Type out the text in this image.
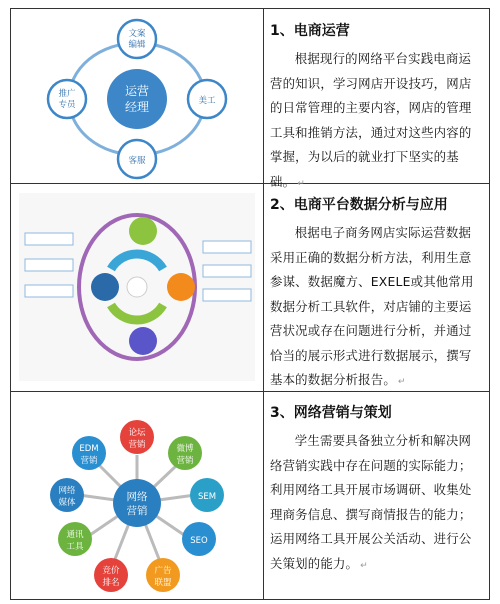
运营
经理
文案
编辑
美工
客服
推广
专员

1、电商运营

根据现行的网络平台实践电商运营的知识，学习网店开设技巧，网店的日常管理的主要内容，网店的管理工具和推销方法，通过对这些内容的掌握，为以后的就业打下坚实的基础。 ↵

2、电商平台数据分析与应用

根据电子商务网店实际运营数据采用正确的数据分析方法，利用生意参谋、数据魔方、EXELE或其他常用数据分析工具软件，对店铺的主要运营状况或存在问题进行分析，并通过恰当的展示形式进行数据展示，撰写基本的数据分析报告。 ↵

网络
营销
论坛
营销	微博
营销
SEM
SEO
广告
联盟
竞价
排名
通讯
工具
网络
媒体
EDM
营销

3、网络营销与策划

学生需要具备独立分析和解决网络营销实践中存在问题的实际能力；利用网络工具开展市场调研、收集处理商务信息、撰写商情报告的能力；运用网络工具开展公关活动、进行公关策划的能力。 ↵
